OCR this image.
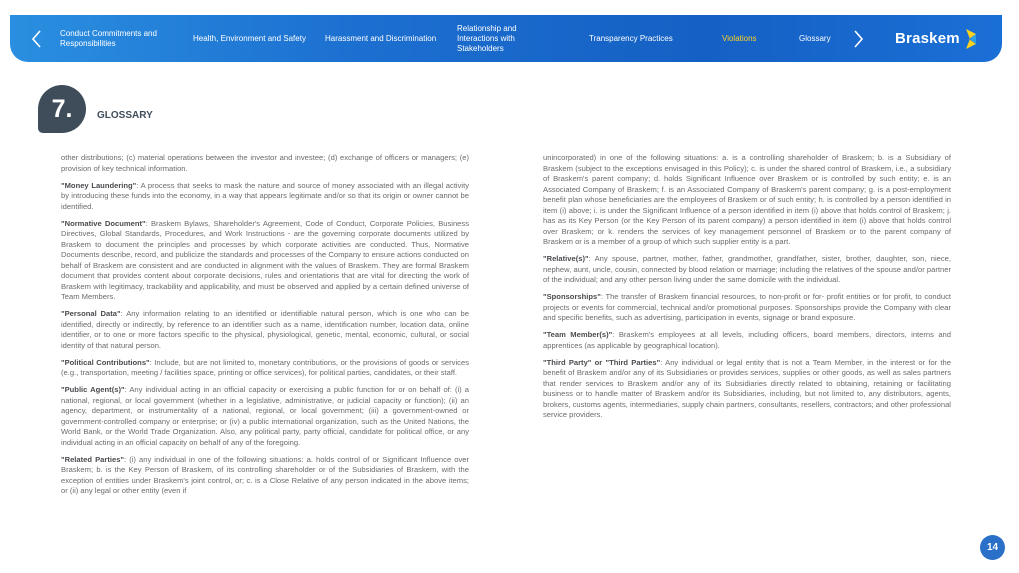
Conduct Commitments and Responsibilities
Health, Environment and Safety Harassment and Discrimination
Relationship and Interactions with Stakeholders
Transparency Practices	Violations	Glossary	Braskem
7. GLOSSARY

other distributions; (c) material operations between the investor and investee; (d) exchange of officers or managers; (e) provision of key technical information.

"Money Laundering": A process that seeks to mask the nature and source of money associated with an illegal activity by introducing these funds into the economy, in a way that appears legitimate and/or so that its origin or owner cannot be identified.

"Normative Document": Braskem Bylaws, Shareholder's Agreement, Code of Conduct, Corporate Policies, Business Directives, Global Standards, Procedures, and Work Instructions - are the governing corporate documents utilized by Braskem to document the principles and processes by which corporate activities are conducted. Thus, Normative Documents describe, record, and publicize the standards and processes of the Company to ensure actions conducted on behalf of Braskem are consistent and are conducted in alignment with the values of Braskem. They are formal Braskem document that provides content about corporate decisions, rules and orientations that are vital for directing the work of Braskem with legitimacy, trackability and applicability, and must be observed and applied by a certain defined universe of Team Members.

"Personal Data": Any information relating to an identified or identifiable natural person, which is one who can be identified, directly or indirectly, by reference to an identifier such as a name, identification number, location data, online identifier, or to one or more factors specific to the physical, physiological, genetic, mental, economic, cultural, or social identity of that natural person.

"Political Contributions": Include, but are not limited to, monetary contributions, or the provisions of goods or services (e.g., transportation, meeting / facilities space, printing or office services), for political parties, candidates, or their staff.

"Public Agent(s)": Any individual acting in an official capacity or exercising a public function for or on behalf of: (i) a national, regional, or local government (whether in a legislative, administrative, or judicial capacity or function); (ii) an agency, department, or instrumentality of a national, regional, or local government; (iii) a government-owned or government-controlled company or enterprise; or (iv) a public international organization, such as the United Nations, the World Bank, or the World Trade Organization. Also, any political party, party official, candidate for political office, or any individual acting in an official capacity on behalf of any of the foregoing.

"Related Parties": (i) any individual in one of the following situations: a. holds control of or Significant Influence over Braskem; b. is the Key Person of Braskem, of its controlling shareholder or of the Subsidiaries of Braskem, with the exception of entities under Braskem's joint control, or; c. is a Close Relative of any person indicated in the above items; or (ii) any legal or other entity (even if

unincorporated) in one of the following situations: a. is a controlling shareholder of Braskem; b. is a Subsidiary of Braskem (subject to the exceptions envisaged in this Policy); c. is under the shared control of Braskem, i.e., a subsidiary of Braskem's parent company; d. holds Significant Influence over Braskem or is controlled by such entity; e. is an Associated Company of Braskem; f. is an Associated Company of Braskem's parent company; g. is a post-employment benefit plan whose beneficiaries are the employees of Braskem or of such entity; h. is controlled by a person identified in item (i) above; i. is under the Significant Influence of a person identified in item (i) above that holds control of Braskem; j. has as its Key Person (or the Key Person of its parent company) a person identified in item (i) above that holds control over Braskem; or k. renders the services of key management personnel of Braskem or to the parent company of Braskem or is a member of a group of which such supplier entity is a part.

"Relative(s)": Any spouse, partner, mother, father, grandmother, grandfather, sister, brother, daughter, son, niece, nephew, aunt, uncle, cousin, connected by blood relation or marriage; including the relatives of the spouse and/or partner of the individual; and any other person living under the same domicile with the individual.

"Sponsorships": The transfer of Braskem financial resources, to non-profit or for- profit entities or for profit, to conduct projects or events for commercial, technical and/or promotional purposes. Sponsorships provide the Company with clear and specific benefits, such as advertising, participation in events, signage or brand exposure.

"Team Member(s)": Braskem's employees at all levels, including officers, board members, directors, interns and apprentices (as applicable by geographical location).

"Third Party" or "Third Parties": Any individual or legal entity that is not a Team Member, in the interest or for the benefit of Braskem and/or any of its Subsidiaries or provides services, supplies or other goods, as well as sales partners that render services to Braskem and/or any of its Subsidiaries directly related to obtaining, retaining or facilitating business or to handle matter of Braskem and/or its Subsidiaries, including, but not limited to, any distributors, agents, brokers, customs agents, intermediaries, supply chain partners, consultants, resellers, contractors; and other professional service providers.

14
